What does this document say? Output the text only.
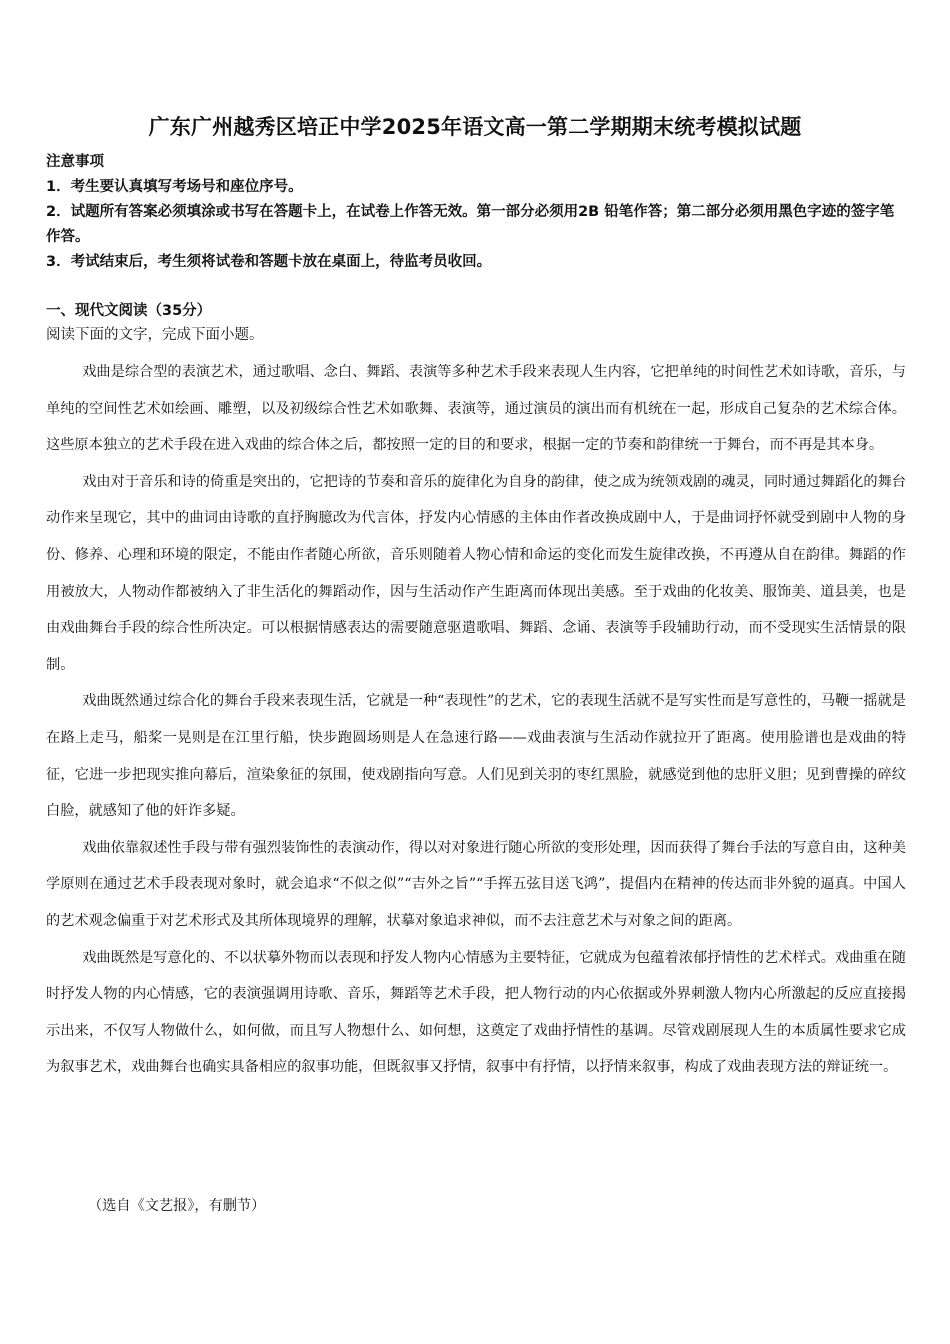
广东广州越秀区培正中学2025年语文高一第二学期期末统考模拟试题
注意事项
1．考生要认真填写考场号和座位序号。
2．试题所有答案必须填涂或书写在答题卡上，在试卷上作答无效。第一部分必须用2B 铅笔作答；第二部分必须用黑色字迹的签字笔作答。
3．考试结束后，考生须将试卷和答题卡放在桌面上，待监考员收回。
一、现代文阅读（35分）

阅读下面的文字，完成下面小题。

戏曲是综合型的表演艺术，通过歌唱、念白、舞蹈、表演等多种艺术手段来表现人生内容，它把单纯的时间性艺术如诗歌，音乐，与单纯的空间性艺术如绘画、雕塑，以及初级综合性艺术如歌舞、表演等，通过演员的演出而有机统在一起，形成自己复杂的艺术综合体。这些原本独立的艺术手段在进入戏曲的综合体之后，都按照一定的目的和要求，根据一定的节奏和韵律统一于舞台，而不再是其本身。

戏由对于音乐和诗的倚重是突出的，它把诗的节奏和音乐的旋律化为自身的韵律，使之成为统领戏剧的魂灵，同时通过舞蹈化的舞台动作来呈现它，其中的曲词由诗歌的直抒胸臆改为代言体，抒发内心情感的主体由作者改换成剧中人，于是曲词抒怀就受到剧中人物的身份、修养、心理和环境的限定，不能由作者随心所欲，音乐则随着人物心情和命运的变化而发生旋律改换，不再遵从自在韵律。舞蹈的作用被放大，人物动作都被纳入了非生活化的舞蹈动作，因与生活动作产生距离而体现出美感。至于戏曲的化妆美、服饰美、道县美，也是由戏曲舞台手段的综合性所决定。可以根据情感表达的需要随意驱遣歌唱、舞蹈、念诵、表演等手段辅助行动，而不受现实生活情景的限制。

戏曲既然通过综合化的舞台手段来表现生活，它就是一种“表现性”的艺术，它的表现生活就不是写实性而是写意性的，马鞭一摇就是在路上走马，船桨一晃则是在江里行船，快步跑圆场则是人在急速行路——戏曲表演与生活动作就拉开了距离。使用脸谱也是戏曲的特征，它进一步把现实推向幕后，渲染象征的氛围，使戏剧指向写意。人们见到关羽的枣红黑脸，就感觉到他的忠肝义胆；见到曹操的碎纹白脸，就感知了他的奸诈多疑。

戏曲依靠叙述性手段与带有强烈装饰性的表演动作，得以对对象进行随心所欲的变形处理，因而获得了舞台手法的写意自由，这种美学原则在通过艺术手段表现对象时，就会追求“不似之似”“吉外之旨”“手挥五弦目送飞鸿”，提倡内在精神的传达而非外貌的逼真。中国人的艺术观念偏重于对艺术形式及其所体现境界的理解，状摹对象追求神似，而不去注意艺术与对象之间的距离。

戏曲既然是写意化的、不以状摹外物而以表现和抒发人物内心情感为主要特征，它就成为包蕴着浓郁抒情性的艺术样式。戏曲重在随时抒发人物的内心情感，它的表演强调用诗歌、音乐，舞蹈等艺术手段，把人物行动的内心依据或外界刺激人物内心所激起的反应直接揭示出来，不仅写人物做什么，如何做，而且写人物想什么、如何想，这奠定了戏曲抒情性的基调。尽管戏剧展现人生的本质属性要求它成为叙事艺术，戏曲舞台也确实具备相应的叙事功能，但既叙事又抒情，叙事中有抒情，以抒情来叙事，构成了戏曲表现方法的辩证统一。

（选自《文艺报》，有删节）
